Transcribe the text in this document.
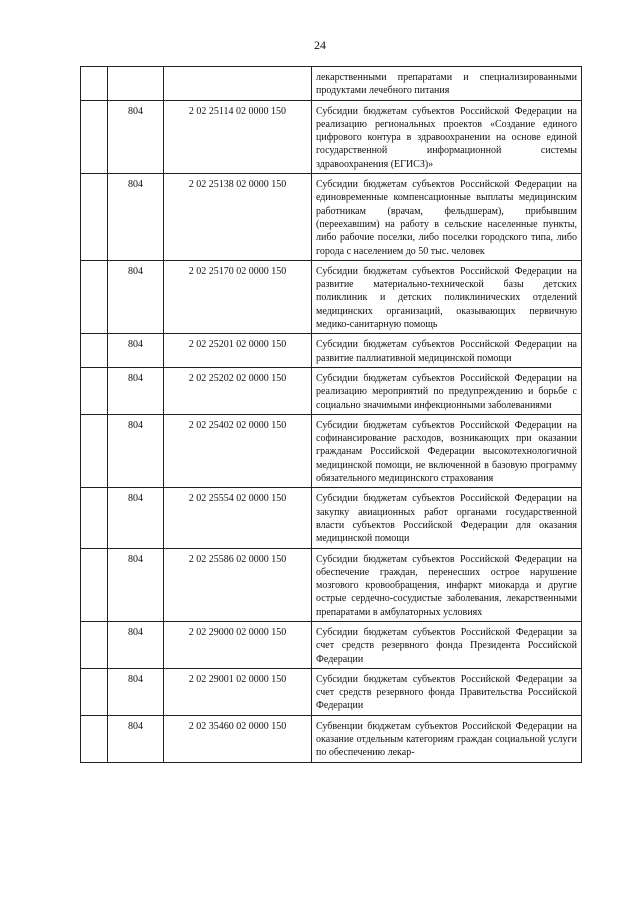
24
			лекарственными препаратами и специализированными продуктами лечебного питания
	804	2 02 25114 02 0000 150	Субсидии бюджетам субъектов Российской Федерации на реализацию региональных проектов «Создание единого цифрового контура в здравоохранении на основе единой государственной информационной системы здравоохранения (ЕГИСЗ)»
	804	2 02 25138 02 0000 150	Субсидии бюджетам субъектов Российской Федерации на единовременные компенсационные выплаты медицинским работникам (врачам, фельдшерам), прибывшим (переехавшим) на работу в сельские населенные пункты, либо рабочие поселки, либо поселки городского типа, либо города с населением до 50 тыс. человек
	804	2 02 25170 02 0000 150	Субсидии бюджетам субъектов Российской Федерации на развитие материально-технической базы детских поликлиник и детских поликлинических отделений медицинских организаций, оказывающих первичную медико-санитарную помощь
	804	2 02 25201 02 0000 150	Субсидии бюджетам субъектов Российской Федерации на развитие паллиативной медицинской помощи
	804	2 02 25202 02 0000 150	Субсидии бюджетам субъектов Российской Федерации на реализацию мероприятий по предупреждению и борьбе с социально значимыми инфекционными заболеваниями
	804	2 02 25402 02 0000 150	Субсидии бюджетам субъектов Российской Федерации на софинансирование расходов, возникающих при оказании гражданам Российской Федерации высокотехнологичной медицинской помощи, не включенной в базовую программу обязательного медицинского страхования
	804	2 02 25554 02 0000 150	Субсидии бюджетам субъектов Российской Федерации на закупку авиационных работ органами государственной власти субъектов Российской Федерации для оказания медицинской помощи
	804	2 02 25586 02 0000 150	Субсидии бюджетам субъектов Российской Федерации на обеспечение граждан, перенесших острое нарушение мозгового кровообращения, инфаркт миокарда и другие острые сердечно-сосудистые заболевания, лекарственными препаратами в амбулаторных условиях
	804	2 02 29000 02 0000 150	Субсидии бюджетам субъектов Российской Федерации за счет средств резервного фонда Президента Российской Федерации
	804	2 02 29001 02 0000 150	Субсидии бюджетам субъектов Российской Федерации за счет средств резервного фонда Правительства Российской Федерации
	804	2 02 35460 02 0000 150	Субвенции бюджетам субъектов Российской Федерации на оказание отдельным категориям граждан социальной услуги по обеспечению лекар-
